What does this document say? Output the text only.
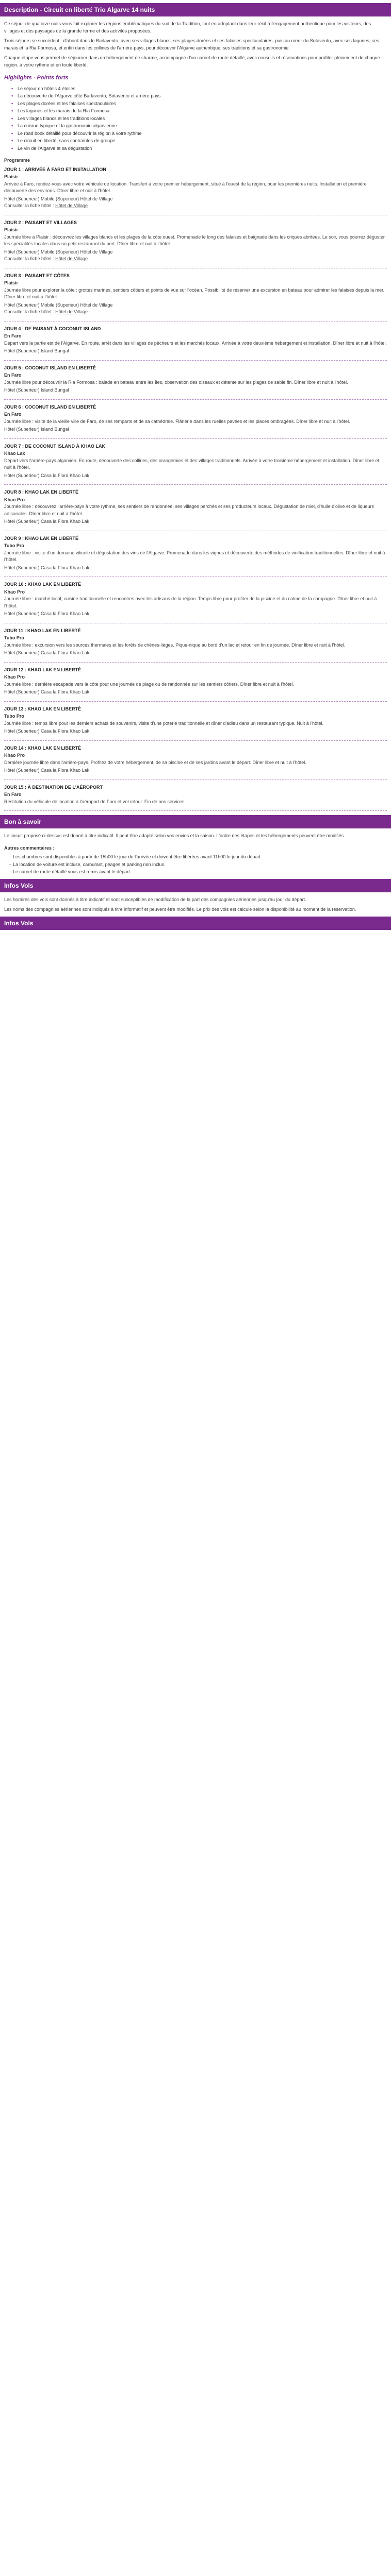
Description - Circuit en liberté Trio Algarve 14 nuits

Ce séjour de quatorze nuits vous fait explorer les régions emblématiques du sud de la Tradition, tout en adoptant dans leur récit à l'engagement authentique pour les visiteurs, des villages et des paysages de la grande ferme et des activités proposées.

Trois séjours se succèdent : d'abord dans le Barlavento, avec ses villages blancs, ses plages dorées et ses falaises spectaculaires, puis au cœur du Sotavento, avec ses lagunes, ses marais et la Ria Formosa, et enfin dans les collines de l'arrière-pays, pour découvrir l'Algarve authentique, ses traditions et sa gastronomie.

Chaque étape vous permet de séjourner dans un hébergement de charme, accompagné d'un carnet de route détaillé, avec conseils et réservations pour profiter pleinement de chaque région, à votre rythme et en toute liberté.

Highlights - Points forts
• Le séjour en hôtels 4 étoiles
• La découverte de l'Algarve côté Barlavento, Sotavento et arrière-pays
• Les plages dorées et les falaises spectaculaires
• Les lagunes et les marais de la Ria Formosa
• Les villages blancs et les traditions locales
• La cuisine typique et la gastronomie algarvienne
• Le road book détaillé pour découvrir la région à votre rythme
• Le circuit en liberté, sans contraintes de groupe
• Le vin de l'Algarve et sa dégustation
Programme
JOUR 1 : ARRIVÉE À FARO ET INSTALLATION
Plaisir
Arrivée à Faro, rendez-vous avec votre véhicule de location. Transfert à votre premier hébergement, situé à l'ouest de la région, pour les premières nuits. Installation et première découverte des environs. Dîner libre et nuit à l'hôtel.
Hôtel (Superieur) Mobile (Superieur) Hôtel de Village
Consulter la fiche hôtel : Hôtel de Village
JOUR 2 : PAISANT ET VILLAGES
Plaisir
Journée libre à Plaisir : découvrez les villages blancs et les plages de la côte ouest. Promenade le long des falaises et baignade dans les criques abritées. Le soir, vous pourrez déguster les spécialités locales dans un petit restaurant du port. Dîner libre et nuit à l'hôtel.
Hôtel (Superieur) Mobile (Superieur) Hôtel de Village
Consulter la fiche hôtel : Hôtel de Village
JOUR 3 : PAISANT ET CÔTES
Plaisir
Journée libre pour explorer la côte : grottes marines, sentiers côtiers et points de vue sur l'océan. Possibilité de réserver une excursion en bateau pour admirer les falaises depuis la mer. Dîner libre et nuit à l'hôtel.
Hôtel (Superieur) Mobile (Superieur) Hôtel de Village
Consulter la fiche hôtel : Hôtel de Village
JOUR 4 : DE PAISANT À COCONUT ISLAND
En Faro
Départ vers la partie est de l'Algarve. En route, arrêt dans les villages de pêcheurs et les marchés locaux. Arrivée à votre deuxième hébergement et installation. Dîner libre et nuit à l'hôtel.
Hôtel (Superieur) Island Bungal
JOUR 5 : COCONUT ISLAND EN LIBERTÉ
En Faro
Journée libre pour découvrir la Ria Formosa : balade en bateau entre les îles, observation des oiseaux et détente sur les plages de sable fin. Dîner libre et nuit à l'hôtel.
Hôtel (Superieur) Island Bungal
JOUR 6 : COCONUT ISLAND EN LIBERTÉ
En Faro
Journée libre : visite de la vieille ville de Faro, de ses remparts et de sa cathédrale. Flânerie dans les ruelles pavées et les places ombragées. Dîner libre et nuit à l'hôtel.
Hôtel (Superieur) Island Bungal
JOUR 7 : DE COCONUT ISLAND À KHAO LAK
Khao Lak
Départ vers l'arrière-pays algarvien. En route, découverte des collines, des orangeraies et des villages traditionnels. Arrivée à votre troisième hébergement et installation. Dîner libre et nuit à l'hôtel.
Hôtel (Superieur) Casa la Flora Khao Lak
JOUR 8 : KHAO LAK EN LIBERTÉ
Khao Pro
Journée libre : découvrez l'arrière-pays à votre rythme, ses sentiers de randonnée, ses villages perchés et ses producteurs locaux. Dégustation de miel, d'huile d'olive et de liqueurs artisanales. Dîner libre et nuit à l'hôtel.
Hôtel (Superieur) Casa la Flora Khao Lak
JOUR 9 : KHAO LAK EN LIBERTÉ
Tubo Pro
Journée libre : visite d'un domaine viticole et dégustation des vins de l'Algarve. Promenade dans les vignes et découverte des méthodes de vinification traditionnelles. Dîner libre et nuit à l'hôtel.
Hôtel (Superieur) Casa la Flora Khao Lak
JOUR 10 : KHAO LAK EN LIBERTÉ
Khao Pro
Journée libre : marché local, cuisine traditionnelle et rencontres avec les artisans de la région. Temps libre pour profiter de la piscine et du calme de la campagne. Dîner libre et nuit à l'hôtel.
Hôtel (Superieur) Casa la Flora Khao Lak
JOUR 11 : KHAO LAK EN LIBERTÉ
Tubo Pro
Journée libre : excursion vers les sources thermales et les forêts de chênes-lièges. Pique-nique au bord d'un lac et retour en fin de journée. Dîner libre et nuit à l'hôtel.
Hôtel (Superieur) Casa la Flora Khao Lak
JOUR 12 : KHAO LAK EN LIBERTÉ
Khao Pro
Journée libre : dernière escapade vers la côte pour une journée de plage ou de randonnée sur les sentiers côtiers. Dîner libre et nuit à l'hôtel.
Hôtel (Superieur) Casa la Flora Khao Lak
JOUR 13 : KHAO LAK EN LIBERTÉ
Tubo Pro
Journée libre : temps libre pour les derniers achats de souvenirs, visite d'une poterie traditionnelle et dîner d'adieu dans un restaurant typique. Nuit à l'hôtel.
Hôtel (Superieur) Casa la Flora Khao Lak
JOUR 14 : KHAO LAK EN LIBERTÉ
Khao Pro
Dernière journée libre dans l'arrière-pays. Profitez de votre hébergement, de sa piscine et de ses jardins avant le départ. Dîner libre et nuit à l'hôtel.
Hôtel (Superieur) Casa la Flora Khao Lak
JOUR 15 : À DESTINATION DE L'AÉROPORT
En Faro
Restitution du véhicule de location à l'aéroport de Faro et vol retour. Fin de nos services.
Bon à savoir

Le circuit proposé ci-dessus est donné à titre indicatif. Il peut être adapté selon vos envies et la saison. L'ordre des étapes et les hébergements peuvent être modifiés.

Autres commentaires :
- Les chambres sont disponibles à partir de 15h00 le jour de l'arrivée et doivent être libérées avant 11h00 le jour du départ.
- La location de voiture est incluse, carburant, péages et parking non inclus.
- Le carnet de route détaillé vous est remis avant le départ.
Infos Vols

Les horaires des vols sont donnés à titre indicatif et sont susceptibles de modification de la part des compagnies aériennes jusqu'au jour du départ.

Les noms des compagnies aériennes sont indiqués à titre informatif et peuvent être modifiés. Le prix des vols est calculé selon la disponibilité au moment de la réservation.

Infos Vols
